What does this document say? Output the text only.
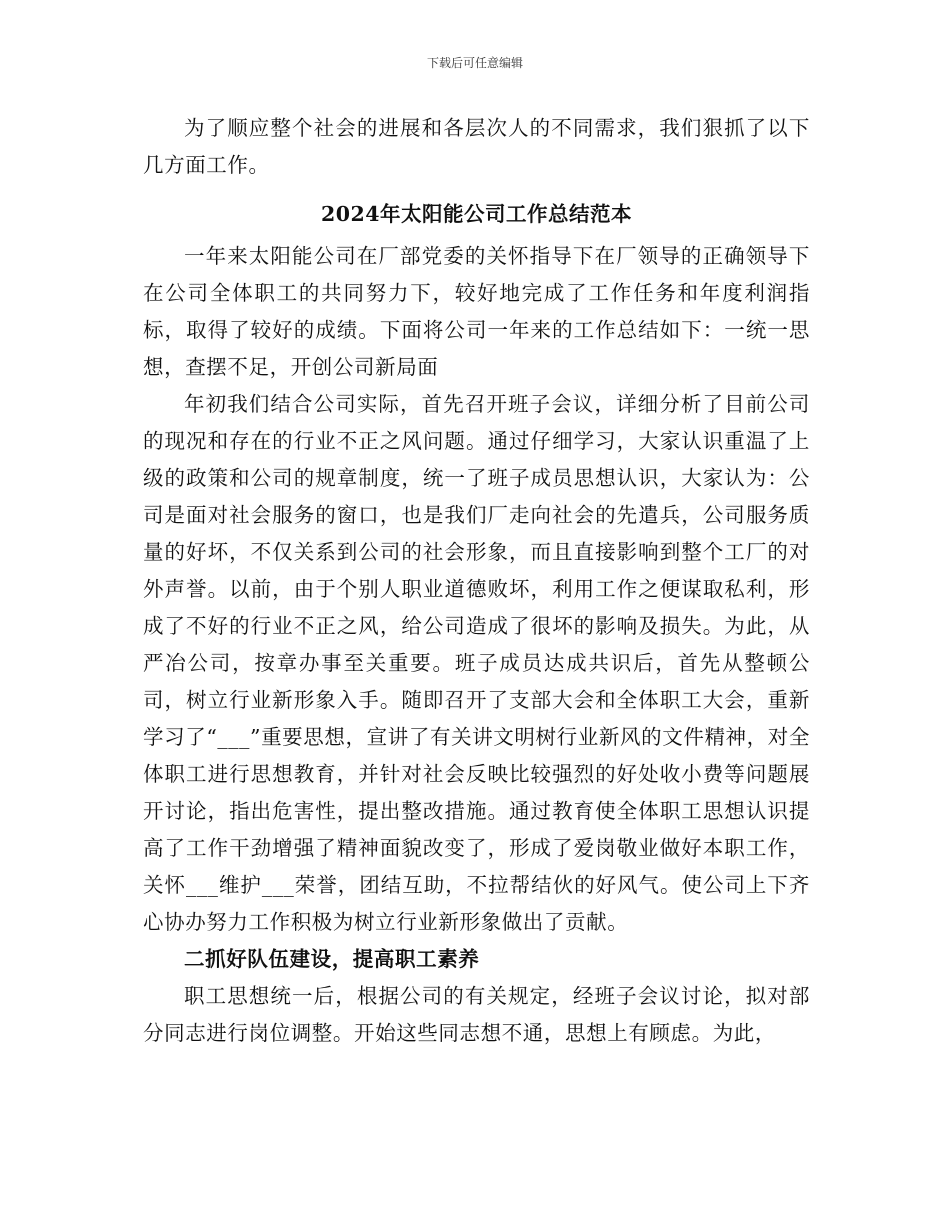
下载后可任意编辑

为了顺应整个社会的进展和各层次人的不同需求，我们狠抓了以下几方面工作。

2024年太阳能公司工作总结范本

一年来太阳能公司在厂部党委的关怀指导下在厂领导的正确领导下在公司全体职工的共同努力下，较好地完成了工作任务和年度利润指标，取得了较好的成绩。下面将公司一年来的工作总结如下：一统一思想，查摆不足，开创公司新局面

年初我们结合公司实际，首先召开班子会议，详细分析了目前公司的现况和存在的行业不正之风问题。通过仔细学习，大家认识重温了上级的政策和公司的规章制度，统一了班子成员思想认识，大家认为：公司是面对社会服务的窗口，也是我们厂走向社会的先遣兵，公司服务质量的好坏，不仅关系到公司的社会形象，而且直接影响到整个工厂的对外声誉。以前，由于个别人职业道德败坏，利用工作之便谋取私利，形成了不好的行业不正之风，给公司造成了很坏的影响及损失。为此，从严冶公司，按章办事至关重要。班子成员达成共识后，首先从整顿公司，树立行业新形象入手。随即召开了支部大会和全体职工大会，重新学习了“___”重要思想，宣讲了有关讲文明树行业新风的文件精神，对全体职工进行思想教育，并针对社会反映比较强烈的好处收小费等问题展开讨论，指出危害性，提出整改措施。通过教育使全体职工思想认识提高了工作干劲增强了精神面貌改变了，形成了爱岗敬业做好本职工作，关怀___维护___荣誉，团结互助，不拉帮结伙的好风气。使公司上下齐心协办努力工作积极为树立行业新形象做出了贡献。

二抓好队伍建设，提高职工素养

职工思想统一后，根据公司的有关规定，经班子会议讨论，拟对部分同志进行岗位调整。开始这些同志想不通，思想上有顾虑。为此，
